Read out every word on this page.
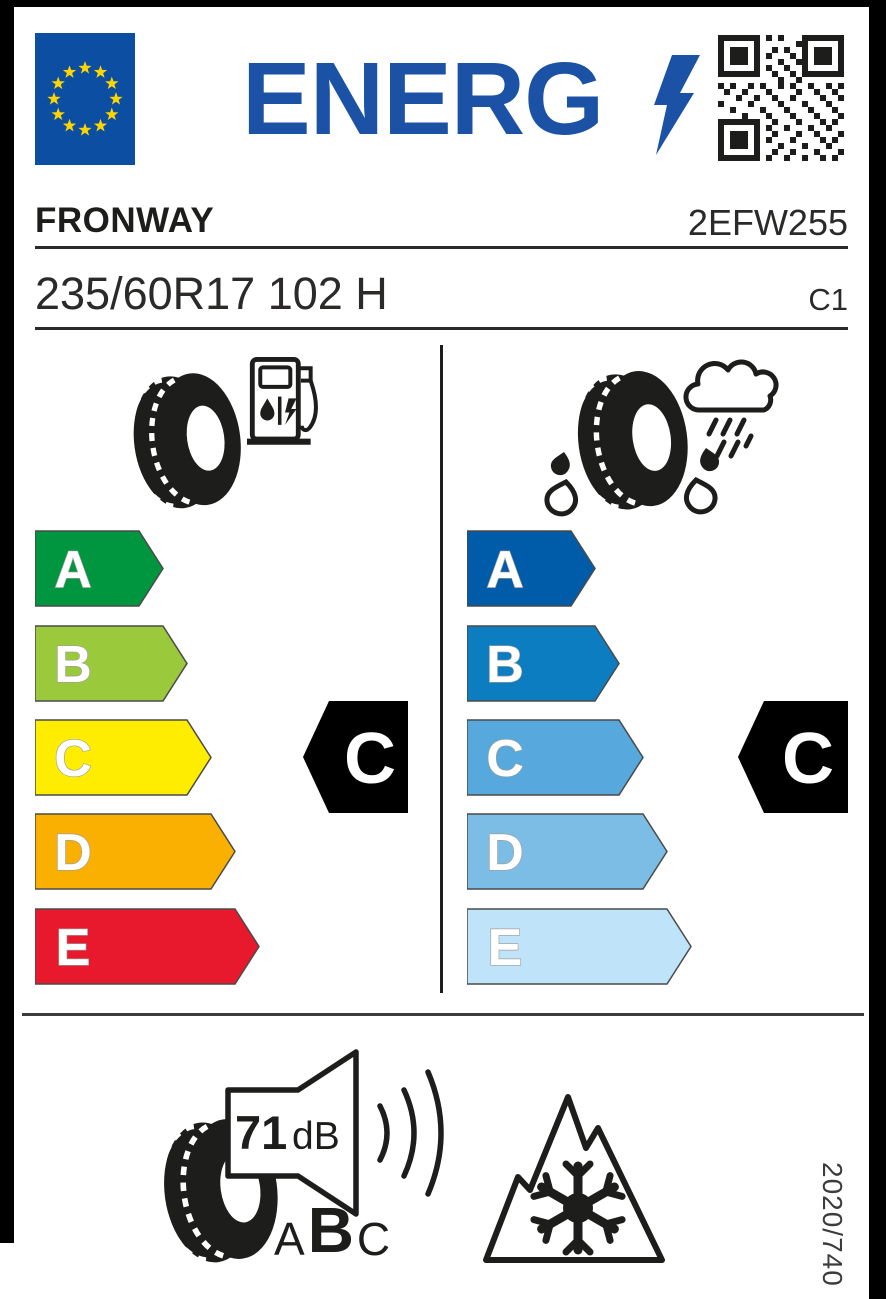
ENERG
FRONWAY	2EFW255
235/60R17 102 H	C1
A
B
C
D
E
C
A
B
C
D
E
C
71 dB
A B C	2020/740
